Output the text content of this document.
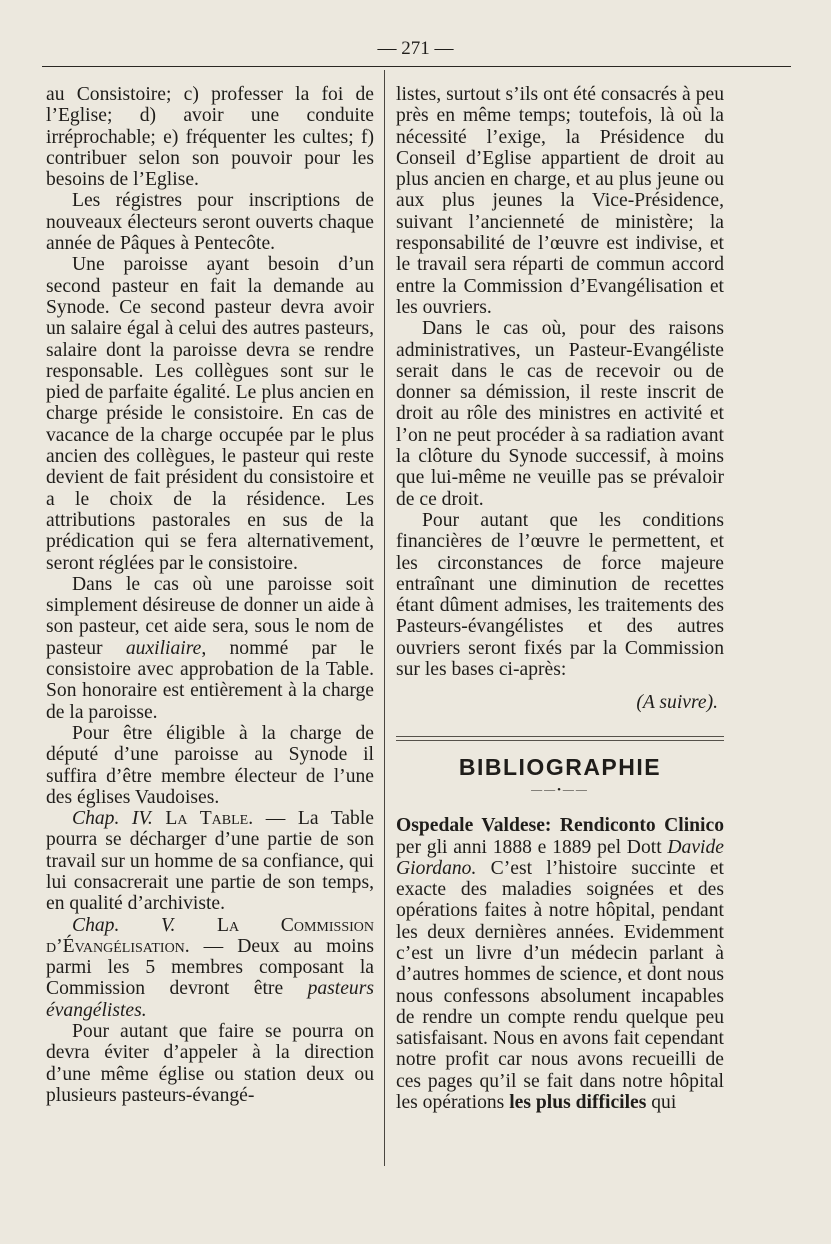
— 271 —

au Consistoire; c) professer la foi de l’Eglise; d) avoir une conduite irréprochable; e) fréquenter les cultes; f) contribuer selon son pouvoir pour les besoins de l’Eglise.

Les régistres pour inscriptions de nouveaux électeurs seront ouverts chaque année de Pâques à Pentecôte.

Une paroisse ayant besoin d’un second pasteur en fait la demande au Synode. Ce second pasteur devra avoir un salaire égal à celui des autres pasteurs, salaire dont la paroisse devra se rendre responsable. Les collègues sont sur le pied de parfaite égalité. Le plus ancien en charge préside le consistoire. En cas de vacance de la charge occupée par le plus ancien des collègues, le pasteur qui reste devient de fait président du consistoire et a le choix de la résidence. Les attributions pastorales en sus de la prédication qui se fera alternativement, seront réglées par le consistoire.

Dans le cas où une paroisse soit simplement désireuse de donner un aide à son pasteur, cet aide sera, sous le nom de pasteur auxiliaire, nommé par le consistoire avec approbation de la Table. Son honoraire est entièrement à la charge de la paroisse.

Pour être éligible à la charge de député d’une paroisse au Synode il suffira d’être membre électeur de l’une des églises Vaudoises.

Chap. IV. La Table. — La Table pourra se décharger d’une partie de son travail sur un homme de sa confiance, qui lui consacrerait une partie de son temps, en qualité d’archiviste.

Chap. V. La Commission d’Évangélisation. — Deux au moins parmi les 5 membres composant la Commission devront être pasteurs évangélistes.

Pour autant que faire se pourra on devra éviter d’appeler à la direction d’une même église ou station deux ou plusieurs pasteurs-évangé-

listes, surtout s’ils ont été consacrés à peu près en même temps; toutefois, là où la nécessité l’exige, la Présidence du Conseil d’Eglise appartient de droit au plus ancien en charge, et au plus jeune ou aux plus jeunes la Vice-Présidence, suivant l’ancienneté de ministère; la responsabilité de l’œuvre est indivise, et le travail sera réparti de commun accord entre la Commission d’Evangélisation et les ouvriers.

Dans le cas où, pour des raisons administratives, un Pasteur-Evangéliste serait dans le cas de recevoir ou de donner sa démission, il reste inscrit de droit au rôle des ministres en activité et l’on ne peut procéder à sa radiation avant la clôture du Synode successif, à moins que lui-même ne veuille pas se prévaloir de ce droit.

Pour autant que les conditions financières de l’œuvre le permettent, et les circonstances de force majeure entraînant une diminution de recettes étant dûment admises, les traitements des Pasteurs-évangélistes et des autres ouvriers seront fixés par la Commission sur les bases ci-après:

(A suivre).
BIBLIOGRAPHIE
——•——

Ospedale Valdese: Rendiconto Clinico per gli anni 1888 e 1889 pel Dott Davide Giordano. C’est l’histoire succinte et exacte des maladies soignées et des opérations faites à notre hôpital, pendant les deux dernières années. Evidemment c’est un livre d’un médecin parlant à d’autres hommes de science, et dont nous nous confessons absolument incapables de rendre un compte rendu quelque peu satisfaisant. Nous en avons fait cependant notre profit car nous avons recueilli de ces pages qu’il se fait dans notre hôpital les opérations les plus difficiles qui
